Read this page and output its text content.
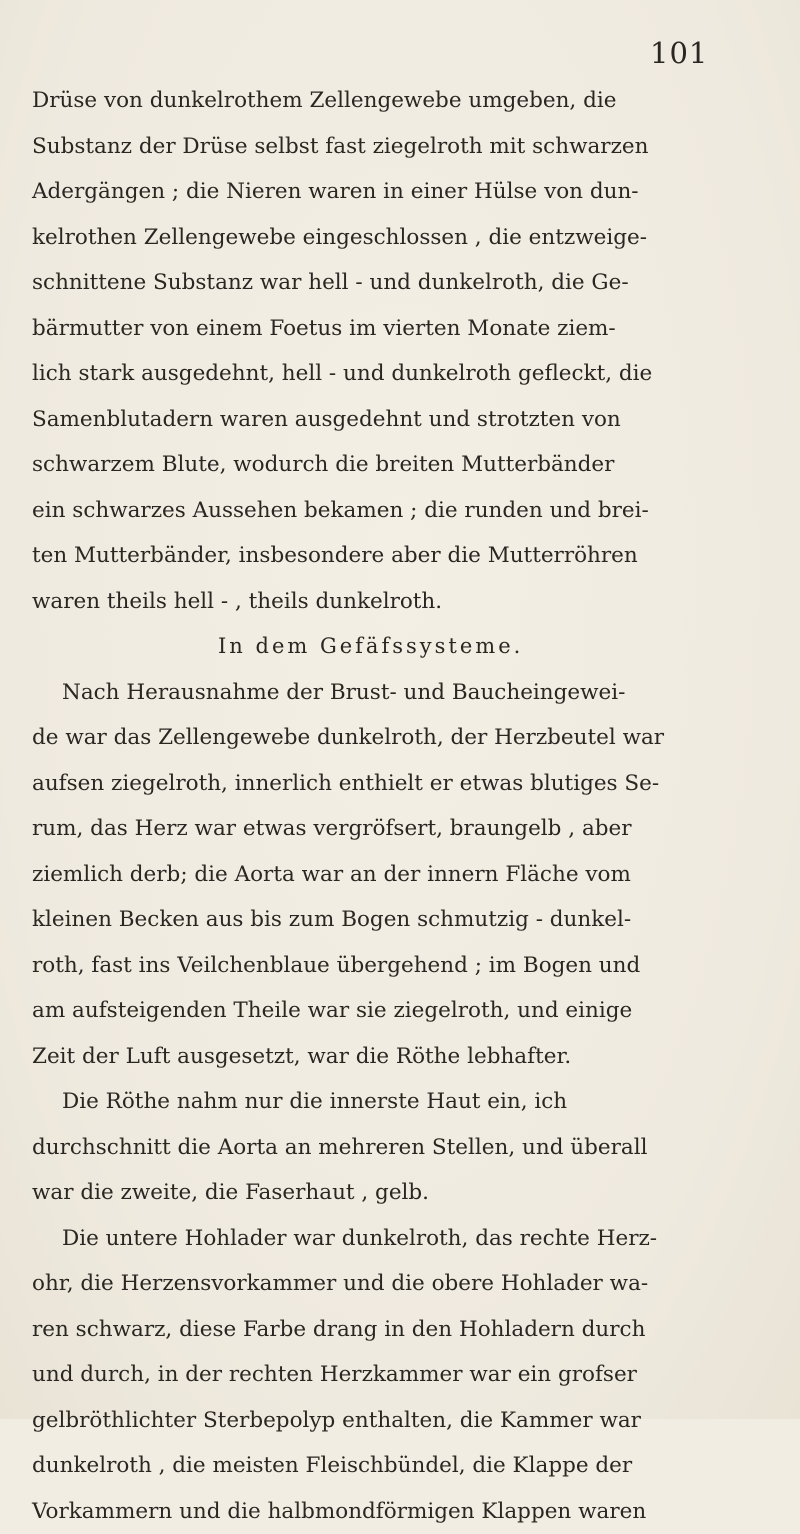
101
Drüse von dunkelrothem Zellengewebe umgeben, die
Substanz der Drüse selbst fast ziegelroth mit schwarzen
Adergängen ; die Nieren waren in einer Hülse von dun-
kelrothen Zellengewebe eingeschlossen , die entzweige-
schnittene Substanz war hell - und dunkelroth, die Ge-
bärmutter von einem Foetus im vierten Monate ziem-
lich stark ausgedehnt, hell - und dunkelroth gefleckt, die
Samenblutadern waren ausgedehnt und strotzten von
schwarzem Blute, wodurch die breiten Mutterbänder
ein schwarzes Aussehen bekamen ; die runden und brei-
ten Mutterbänder, insbesondere aber die Mutterröhren
waren theils hell - , theils dunkelroth.
In dem Gefäfssysteme.
Nach Herausnahme der Brust- und Baucheingewei-
de war das Zellengewebe dunkelroth, der Herzbeutel war
aufsen ziegelroth, innerlich enthielt er etwas blutiges Se-
rum, das Herz war etwas vergröfsert, braungelb , aber
ziemlich derb; die Aorta war an der innern Fläche vom
kleinen Becken aus bis zum Bogen schmutzig - dunkel-
roth, fast ins Veilchenblaue übergehend ; im Bogen und
am aufsteigenden Theile war sie ziegelroth, und einige
Zeit der Luft ausgesetzt, war die Röthe lebhafter.
Die Röthe nahm nur die innerste Haut ein, ich
durchschnitt die Aorta an mehreren Stellen, und überall
war die zweite, die Faserhaut , gelb.
Die untere Hohlader war dunkelroth, das rechte Herz-
ohr, die Herzensvorkammer und die obere Hohlader wa-
ren schwarz, diese Farbe drang in den Hohladern durch
und durch, in der rechten Herzkammer war ein grofser
gelbröthlichter Sterbepolyp enthalten, die Kammer war
dunkelroth , die meisten Fleischbündel, die Klappe der
Vorkammern und die halbmondförmigen Klappen waren
